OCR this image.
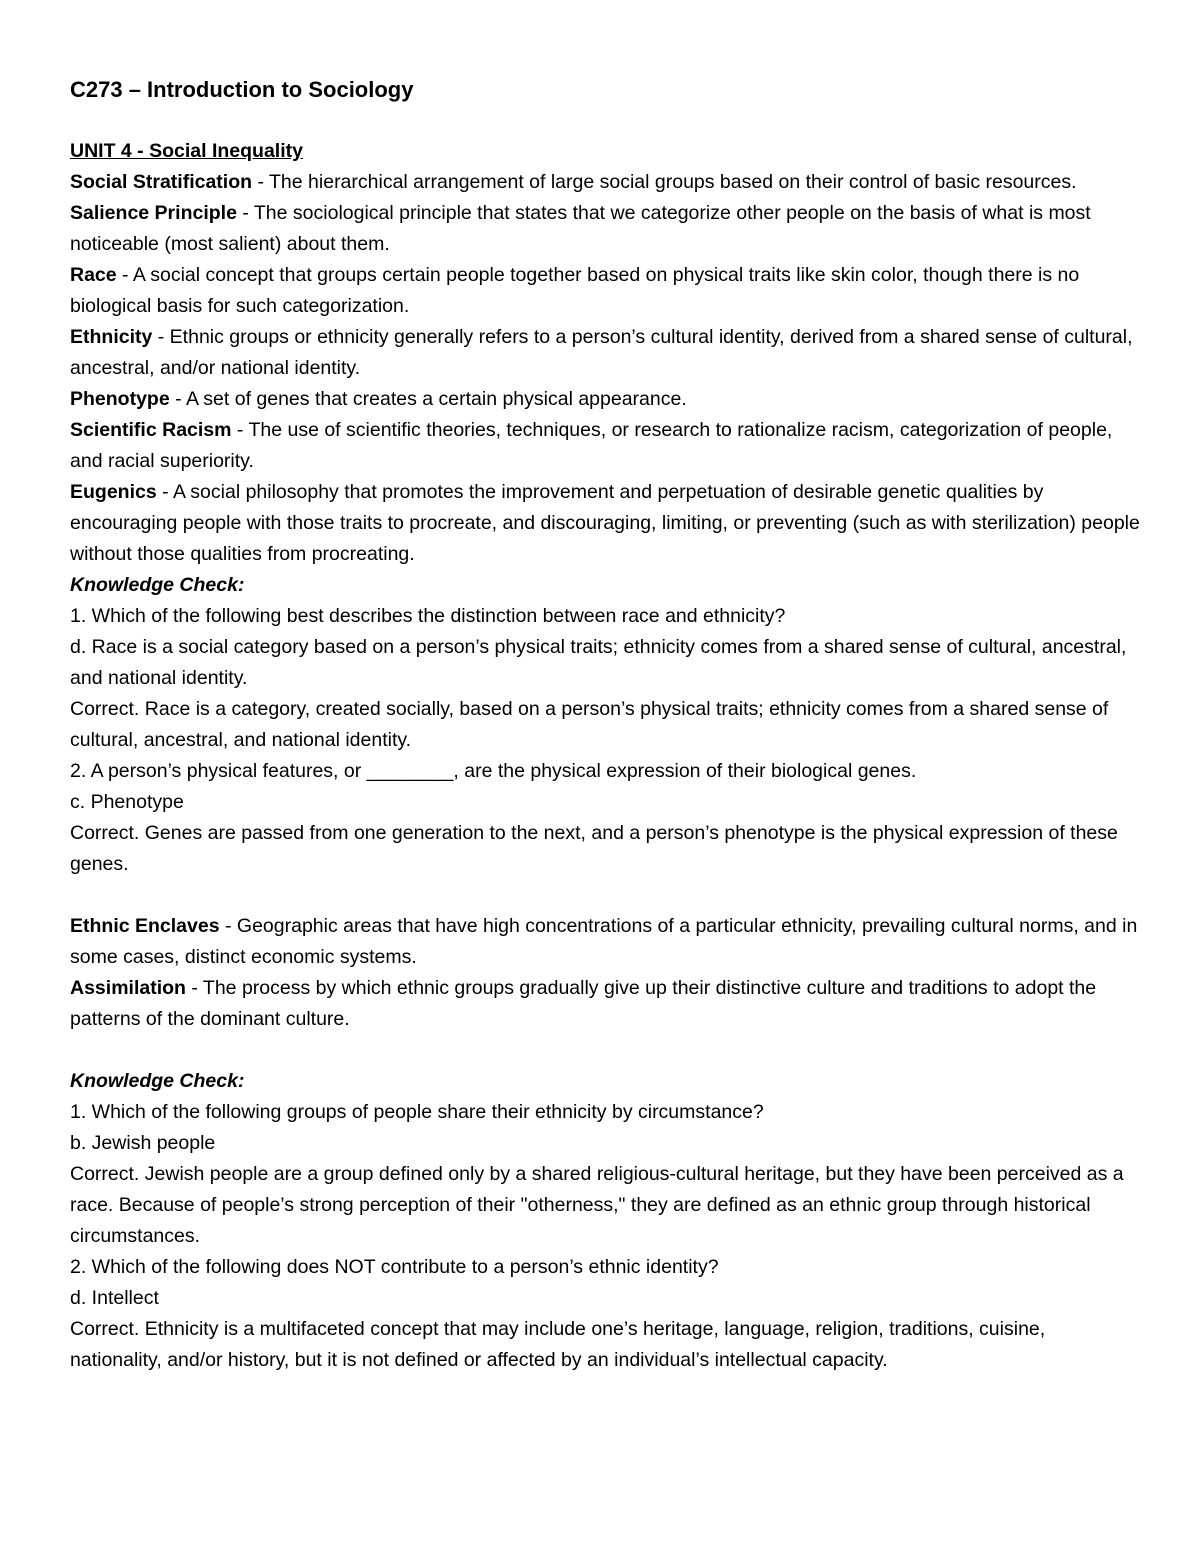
C273 – Introduction to Sociology

UNIT 4 - Social Inequality

Social Stratification - The hierarchical arrangement of large social groups based on their control of basic resources.

Salience Principle - The sociological principle that states that we categorize other people on the basis of what is most noticeable (most salient) about them.

Race - A social concept that groups certain people together based on physical traits like skin color, though there is no biological basis for such categorization.

Ethnicity - Ethnic groups or ethnicity generally refers to a person’s cultural identity, derived from a shared sense of cultural, ancestral, and/or national identity.

Phenotype - A set of genes that creates a certain physical appearance.

Scientific Racism - The use of scientific theories, techniques, or research to rationalize racism, categorization of people, and racial superiority.

Eugenics - A social philosophy that promotes the improvement and perpetuation of desirable genetic qualities by encouraging people with those traits to procreate, and discouraging, limiting, or preventing (such as with sterilization) people without those qualities from procreating.

Knowledge Check:

1. Which of the following best describes the distinction between race and ethnicity?

d. Race is a social category based on a person’s physical traits; ethnicity comes from a shared sense of cultural, ancestral, and national identity.

Correct. Race is a category, created socially, based on a person’s physical traits; ethnicity comes from a shared sense of cultural, ancestral, and national identity.

2. A person’s physical features, or ________, are the physical expression of their biological genes.

c. Phenotype

Correct. Genes are passed from one generation to the next, and a person’s phenotype is the physical expression of these genes.

Ethnic Enclaves - Geographic areas that have high concentrations of a particular ethnicity, prevailing cultural norms, and in some cases, distinct economic systems.

Assimilation - The process by which ethnic groups gradually give up their distinctive culture and traditions to adopt the patterns of the dominant culture.

Knowledge Check:

1. Which of the following groups of people share their ethnicity by circumstance?

b. Jewish people

Correct. Jewish people are a group defined only by a shared religious-cultural heritage, but they have been perceived as a race. Because of people’s strong perception of their "otherness," they are defined as an ethnic group through historical circumstances.

2. Which of the following does NOT contribute to a person’s ethnic identity?

d. Intellect

Correct. Ethnicity is a multifaceted concept that may include one’s heritage, language, religion, traditions, cuisine, nationality, and/or history, but it is not defined or affected by an individual’s intellectual capacity.
